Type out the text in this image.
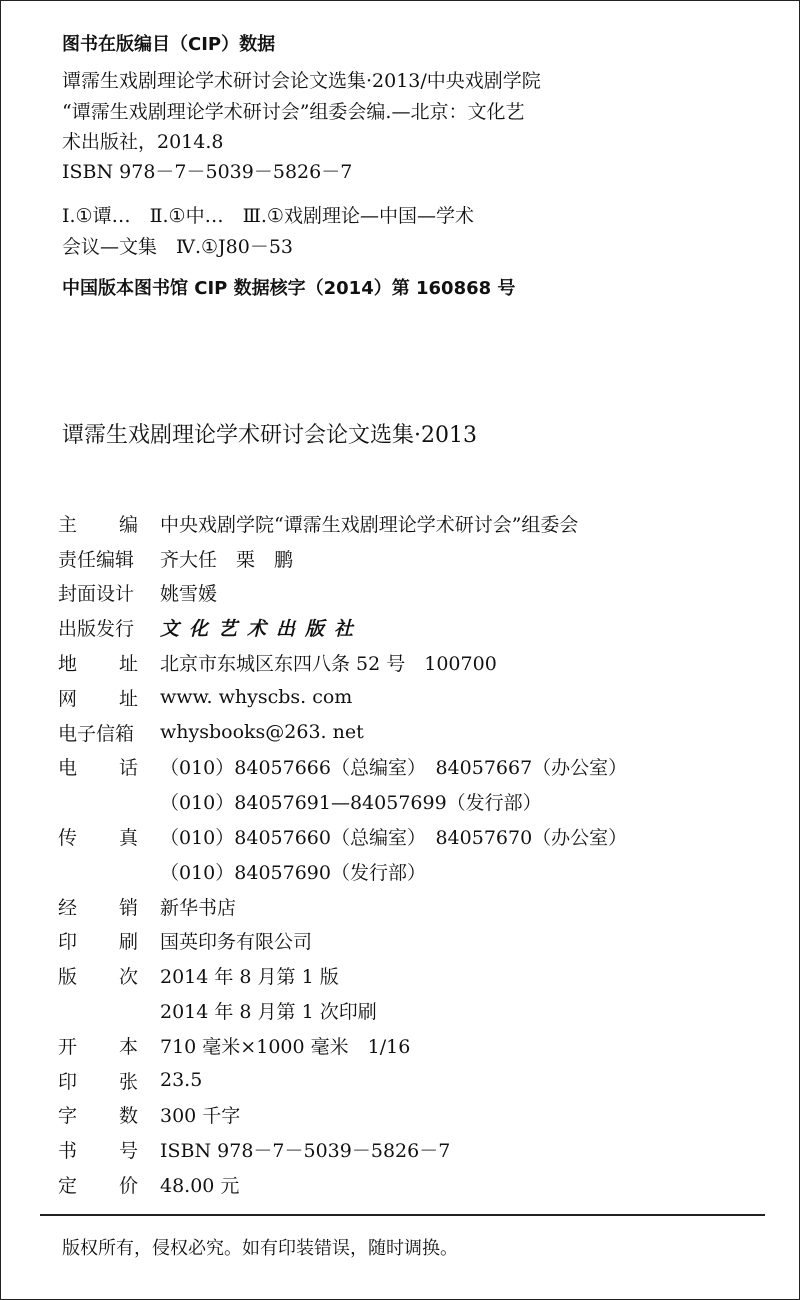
图书在版编目（CIP）数据
谭霈生戏剧理论学术研讨会论文选集·2013/中央戏剧学院
“谭霈生戏剧理论学术研讨会”组委会编.—北京：文化艺
术出版社，2014.8
ISBN 978－7－5039－5826－7
Ⅰ.①谭…　Ⅱ.①中…　Ⅲ.①戏剧理论—中国—学术
会议—文集　Ⅳ.①J80－53
中国版本图书馆 CIP 数据核字（2014）第 160868 号
谭霈生戏剧理论学术研讨会论文选集·2013
主 编 中央戏剧学院“谭霈生戏剧理论学术研讨会”组委会
责任编辑 齐大任　栗　鹏
封面设计 姚雪媛
出版发行 文化艺术出版社
地 址 北京市东城区东四八条 52 号　100700
网 址 www. whyscbs. com
电子信箱 whysbooks@263. net
电 话 （010）84057666（总编室）　84057667（办公室）
（010）84057691—84057699（发行部）
传 真 （010）84057660（总编室）　84057670（办公室）
（010）84057690（发行部）
经 销 新华书店
印 刷 国英印务有限公司
版 次 2014 年 8 月第 1 版
2014 年 8 月第 1 次印刷
开 本 710 毫米×1000 毫米　1/16
印 张 23.5
字 数 300 千字
书 号 ISBN 978－7－5039－5826－7
定 价 48.00 元
版权所有，侵权必究。如有印装错误，随时调换。
